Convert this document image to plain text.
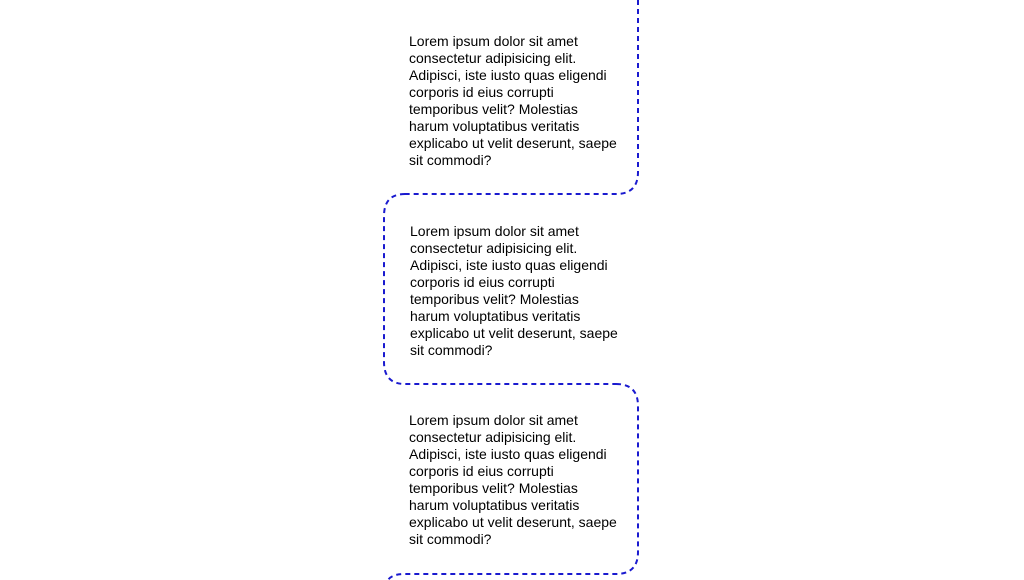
Lorem ipsum dolor sit amet consectetur adipisicing elit. Adipisci, iste iusto quas eligendi corporis id eius corrupti temporibus velit? Molestias harum voluptatibus veritatis explicabo ut velit deserunt, saepe sit commodi?

Lorem ipsum dolor sit amet consectetur adipisicing elit. Adipisci, iste iusto quas eligendi corporis id eius corrupti temporibus velit? Molestias harum voluptatibus veritatis explicabo ut velit deserunt, saepe sit commodi?

Lorem ipsum dolor sit amet consectetur adipisicing elit. Adipisci, iste iusto quas eligendi corporis id eius corrupti temporibus velit? Molestias harum voluptatibus veritatis explicabo ut velit deserunt, saepe sit commodi?
